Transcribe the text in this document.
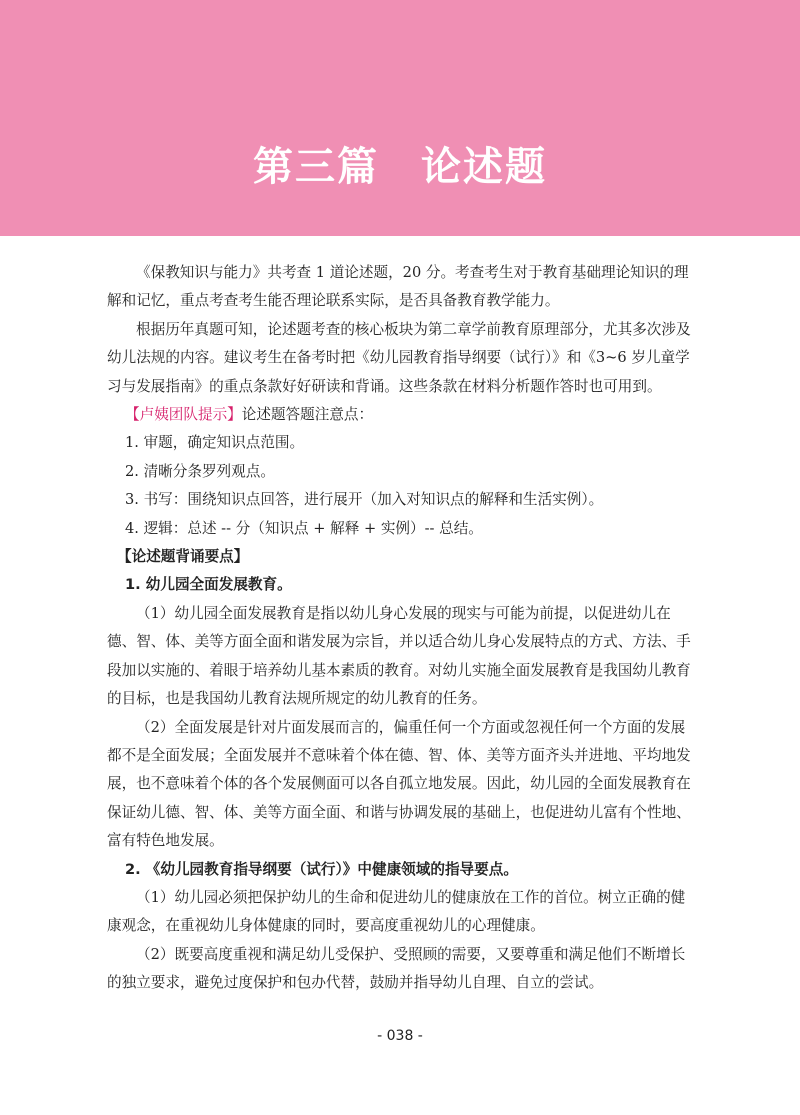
第三篇　论述题

《保教知识与能力》共考查 1 道论述题，20 分。考查考生对于教育基础理论知识的理解和记忆，重点考查考生能否理论联系实际，是否具备教育教学能力。

根据历年真题可知，论述题考查的核心板块为第二章学前教育原理部分，尤其多次涉及幼儿法规的内容。建议考生在备考时把《幼儿园教育指导纲要（试行）》和《3~6 岁儿童学习与发展指南》的重点条款好好研读和背诵。这些条款在材料分析题作答时也可用到。

【卢姨团队提示】论述题答题注意点：

1. 审题，确定知识点范围。

2. 清晰分条罗列观点。

3. 书写：围绕知识点回答，进行展开（加入对知识点的解释和生活实例）。

4. 逻辑：总述 -- 分（知识点 + 解释 + 实例）-- 总结。

【论述题背诵要点】

1. 幼儿园全面发展教育。

（1）幼儿园全面发展教育是指以幼儿身心发展的现实与可能为前提，以促进幼儿在德、智、体、美等方面全面和谐发展为宗旨，并以适合幼儿身心发展特点的方式、方法、手段加以实施的、着眼于培养幼儿基本素质的教育。对幼儿实施全面发展教育是我国幼儿教育的目标，也是我国幼儿教育法规所规定的幼儿教育的任务。

（2）全面发展是针对片面发展而言的，偏重任何一个方面或忽视任何一个方面的发展都不是全面发展；全面发展并不意味着个体在德、智、体、美等方面齐头并进地、平均地发展，也不意味着个体的各个发展侧面可以各自孤立地发展。因此，幼儿园的全面发展教育在保证幼儿德、智、体、美等方面全面、和谐与协调发展的基础上，也促进幼儿富有个性地、富有特色地发展。

2. 《幼儿园教育指导纲要（试行）》中健康领域的指导要点。

（1）幼儿园必须把保护幼儿的生命和促进幼儿的健康放在工作的首位。树立正确的健康观念，在重视幼儿身体健康的同时，要高度重视幼儿的心理健康。

（2）既要高度重视和满足幼儿受保护、受照顾的需要，又要尊重和满足他们不断增长的独立要求，避免过度保护和包办代替，鼓励并指导幼儿自理、自立的尝试。

- 038 -
